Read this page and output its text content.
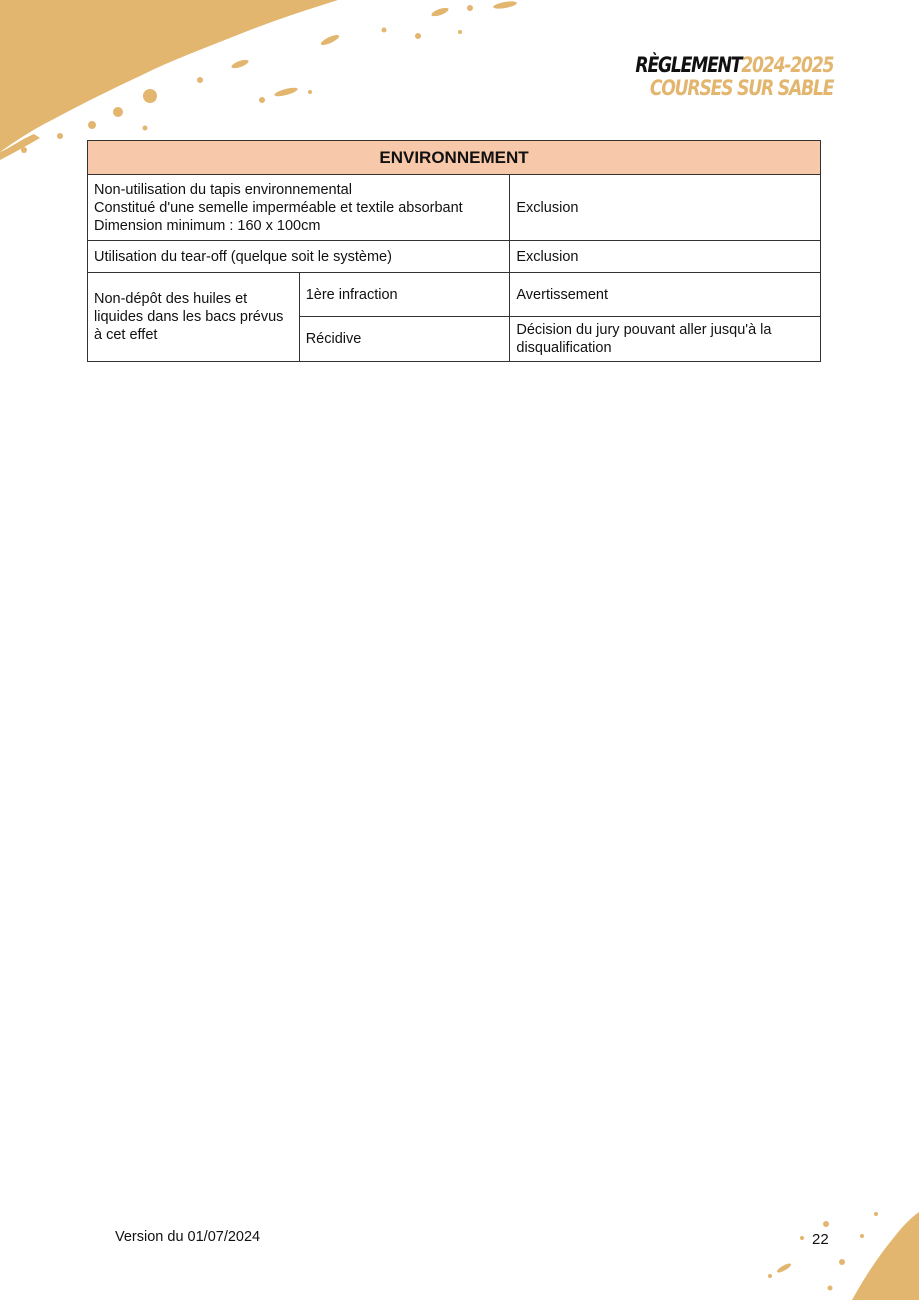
RÈGLEMENT2024-2025
COURSES SUR SABLE
ENVIRONNEMENT		

Non-utilisation du tapis environnemental
Constitué d'une semelle imperméable et textile absorbant
Dimension minimum : 160 x 100cm		Exclusion
Utilisation du tear-off (quelque soit le système)		Exclusion
Non-dépôt des huiles et liquides dans les bacs prévus à cet effet	1ère infraction	Avertissement
	Récidive	Décision du jury pouvant aller jusqu'à la disqualification
Version du 01/07/2024	22
